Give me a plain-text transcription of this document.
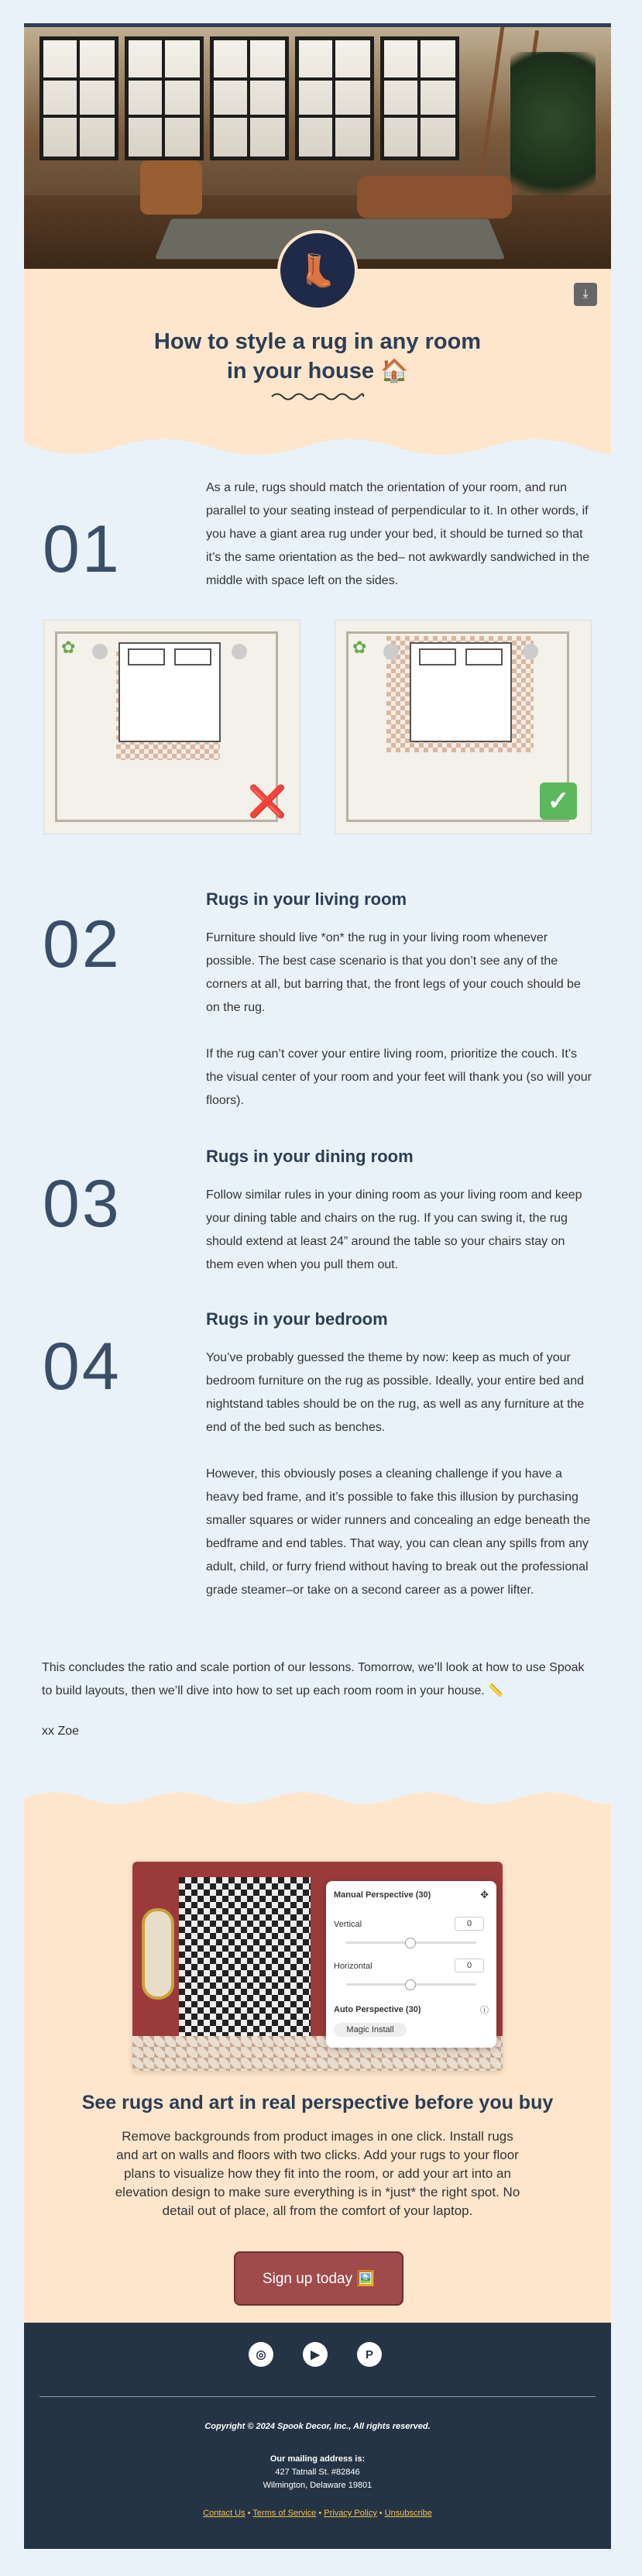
👢
⤓
How to style a rug in any room
in your house 🏠
01

As a rule, rugs should match the orientation of your room, and run parallel to your seating instead of perpendicular to it. In other words, if you have a giant area rug under your bed, it should be turned so that it’s the same orientation as the bed– not awkwardly sandwiched in the middle with space left on the sides.

✿
❌
✿
✓
02

Rugs in your living room

Furniture should live *on* the rug in your living room whenever possible. The best case scenario is that you don’t see any of the corners at all, but barring that, the front legs of your couch should be on the rug.

If the rug can’t cover your entire living room, prioritize the couch. It’s the visual center of your room and your feet will thank you (so will your floors).

03

Rugs in your dining room

Follow similar rules in your dining room as your living room and keep your dining table and chairs on the rug. If you can swing it, the rug should extend at least 24” around the table so your chairs stay on them even when you pull them out.

04

Rugs in your bedroom

You’ve probably guessed the theme by now: keep as much of your bedroom furniture on the rug as possible. Ideally, your entire bed and nightstand tables should be on the rug, as well as any furniture at the end of the bed such as benches.

However, this obviously poses a cleaning challenge if you have a heavy bed frame, and it’s possible to fake this illusion by purchasing smaller squares or wider runners and concealing an edge beneath the bedframe and end tables. That way, you can clean any spills from any adult, child, or furry friend without having to break out the professional grade steamer–or take on a second career as a power lifter.

This concludes the ratio and scale portion of our lessons. Tomorrow, we’ll look at how to use Spoak to build layouts, then we’ll dive into how to set up each room room in your house. 📏

xx Zoe

Manual Perspective (30)	✥
Vertical	0
Horizontal	0
Auto Perspective (30)	ⓘ
Magic Install
See rugs and art in real perspective before you buy
Remove backgrounds from product images in one click. Install rugs and art on walls and floors with two clicks. Add your rugs to your floor plans to visualize how they fit into the room, or add your art into an elevation design to make sure everything is in *just* the right spot. No detail out of place, all from the comfort of your laptop.
Sign up today 🖼️
◎	▶	P
Copyright © 2024 Spook Decor, Inc., All rights reserved.
Our mailing address is:
427 Tatnall St. #82846
Wilmington, Delaware 19801
Contact Us • Terms of Service • Privacy Policy • Unsubscribe
